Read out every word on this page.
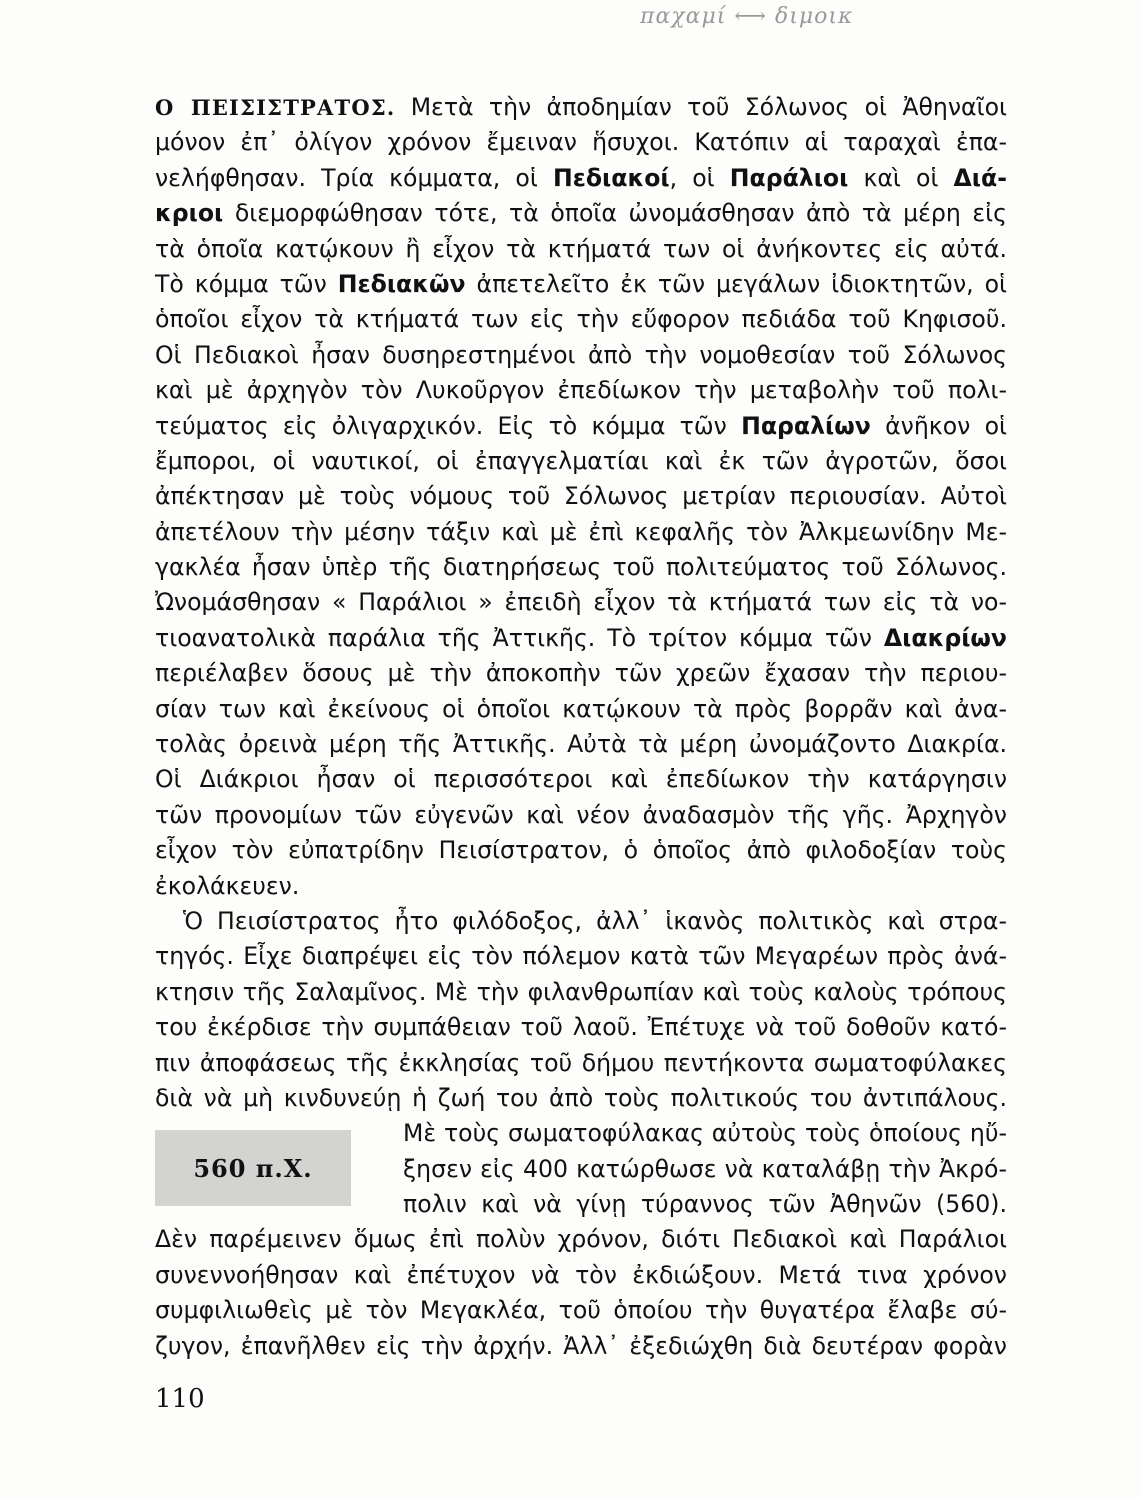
παχαμί ⟷ διμοικ
Ο ΠΕΙΣΙΣΤΡΑΤΟΣ. Μετὰ τὴν ἀποδημίαν τοῦ Σόλωνος οἱ Ἀθηναῖοι
μόνον ἐπ᾽ ὀλίγον χρόνον ἔμειναν ἥσυχοι. Κατόπιν αἱ ταραχαὶ ἐπα-
νελήφθησαν. Τρία κόμματα, οἱ Πεδιακοί, οἱ Παράλιοι καὶ οἱ Διά-
κριοι διεμορφώθησαν τότε, τὰ ὁποῖα ὠνομάσθησαν ἀπὸ τὰ μέρη εἰς
τὰ ὁποῖα κατῴκουν ἢ εἶχον τὰ κτήματά των οἱ ἀνήκοντες εἰς αὐτά.
Τὸ κόμμα τῶν Πεδιακῶν ἀπετελεῖτο ἐκ τῶν μεγάλων ἰδιοκτητῶν, οἱ
ὁποῖοι εἶχον τὰ κτήματά των εἰς τὴν εὔφορον πεδιάδα τοῦ Κηφισοῦ.
Οἱ Πεδιακοὶ ἦσαν δυσηρεστημένοι ἀπὸ τὴν νομοθεσίαν τοῦ Σόλωνος
καὶ μὲ ἀρχηγὸν τὸν Λυκοῦργον ἐπεδίωκον τὴν μεταβολὴν τοῦ πολι-
τεύματος εἰς ὀλιγαρχικόν. Εἰς τὸ κόμμα τῶν Παραλίων ἀνῆκον οἱ
ἔμποροι, οἱ ναυτικοί, οἱ ἐπαγγελματίαι καὶ ἐκ τῶν ἀγροτῶν, ὅσοι
ἀπέκτησαν μὲ τοὺς νόμους τοῦ Σόλωνος μετρίαν περιουσίαν. Αὐτοὶ
ἀπετέλουν τὴν μέσην τάξιν καὶ μὲ ἐπὶ κεφαλῆς τὸν Ἀλκμεωνίδην Με-
γακλέα ἦσαν ὑπὲρ τῆς διατηρήσεως τοῦ πολιτεύματος τοῦ Σόλωνος.
Ὠνομάσθησαν « Παράλιοι » ἐπειδὴ εἶχον τὰ κτήματά των εἰς τὰ νο-
τιοανατολικὰ παράλια τῆς Ἀττικῆς. Τὸ τρίτον κόμμα τῶν Διακρίων
περιέλαβεν ὅσους μὲ τὴν ἀποκοπὴν τῶν χρεῶν ἔχασαν τὴν περιου-
σίαν των καὶ ἐκείνους οἱ ὁποῖοι κατῴκουν τὰ πρὸς βορρᾶν καὶ ἀνα-
τολὰς ὀρεινὰ μέρη τῆς Ἀττικῆς. Αὐτὰ τὰ μέρη ὠνομάζοντο Διακρία.
Οἱ Διάκριοι ἦσαν οἱ περισσότεροι καὶ ἐπεδίωκον τὴν κατάργησιν
τῶν προνομίων τῶν εὐγενῶν καὶ νέον ἀναδασμὸν τῆς γῆς. Ἀρχηγὸν
εἶχον τὸν εὐπατρίδην Πεισίστρατον, ὁ ὁποῖος ἀπὸ φιλοδοξίαν τοὺς
ἐκολάκευεν.
Ὁ Πεισίστρατος ἦτο φιλόδοξος, ἀλλ᾽ ἱκανὸς πολιτικὸς καὶ στρα-
τηγός. Εἶχε διαπρέψει εἰς τὸν πόλεμον κατὰ τῶν Μεγαρέων πρὸς ἀνά-
κτησιν τῆς Σαλαμῖνος. Μὲ τὴν φιλανθρωπίαν καὶ τοὺς καλοὺς τρόπους
του ἐκέρδισε τὴν συμπάθειαν τοῦ λαοῦ. Ἐπέτυχε νὰ τοῦ δοθοῦν κατό-
πιν ἀποφάσεως τῆς ἐκκλησίας τοῦ δήμου πεντήκοντα σωματοφύλακες
διὰ νὰ μὴ κινδυνεύῃ ἡ ζωή του ἀπὸ τοὺς πολιτικούς του ἀντιπάλους.
560 π.Χ.
Μὲ τοὺς σωματοφύλακας αὐτοὺς τοὺς ὁποίους ηὔ-
ξησεν εἰς 400 κατώρθωσε νὰ καταλάβῃ τὴν Ἀκρό-
πολιν καὶ νὰ γίνῃ τύραννος τῶν Ἀθηνῶν (560).
Δὲν παρέμεινεν ὅμως ἐπὶ πολὺν χρόνον, διότι Πεδιακοὶ καὶ Παράλιοι
συνεννοήθησαν καὶ ἐπέτυχον νὰ τὸν ἐκδιώξουν. Μετά τινα χρόνον
συμφιλιωθεὶς μὲ τὸν Μεγακλέα, τοῦ ὁποίου τὴν θυγατέρα ἔλαβε σύ-
ζυγον, ἐπανῆλθεν εἰς τὴν ἀρχήν. Ἀλλ᾽ ἐξεδιώχθη διὰ δευτέραν φορὰν
110
